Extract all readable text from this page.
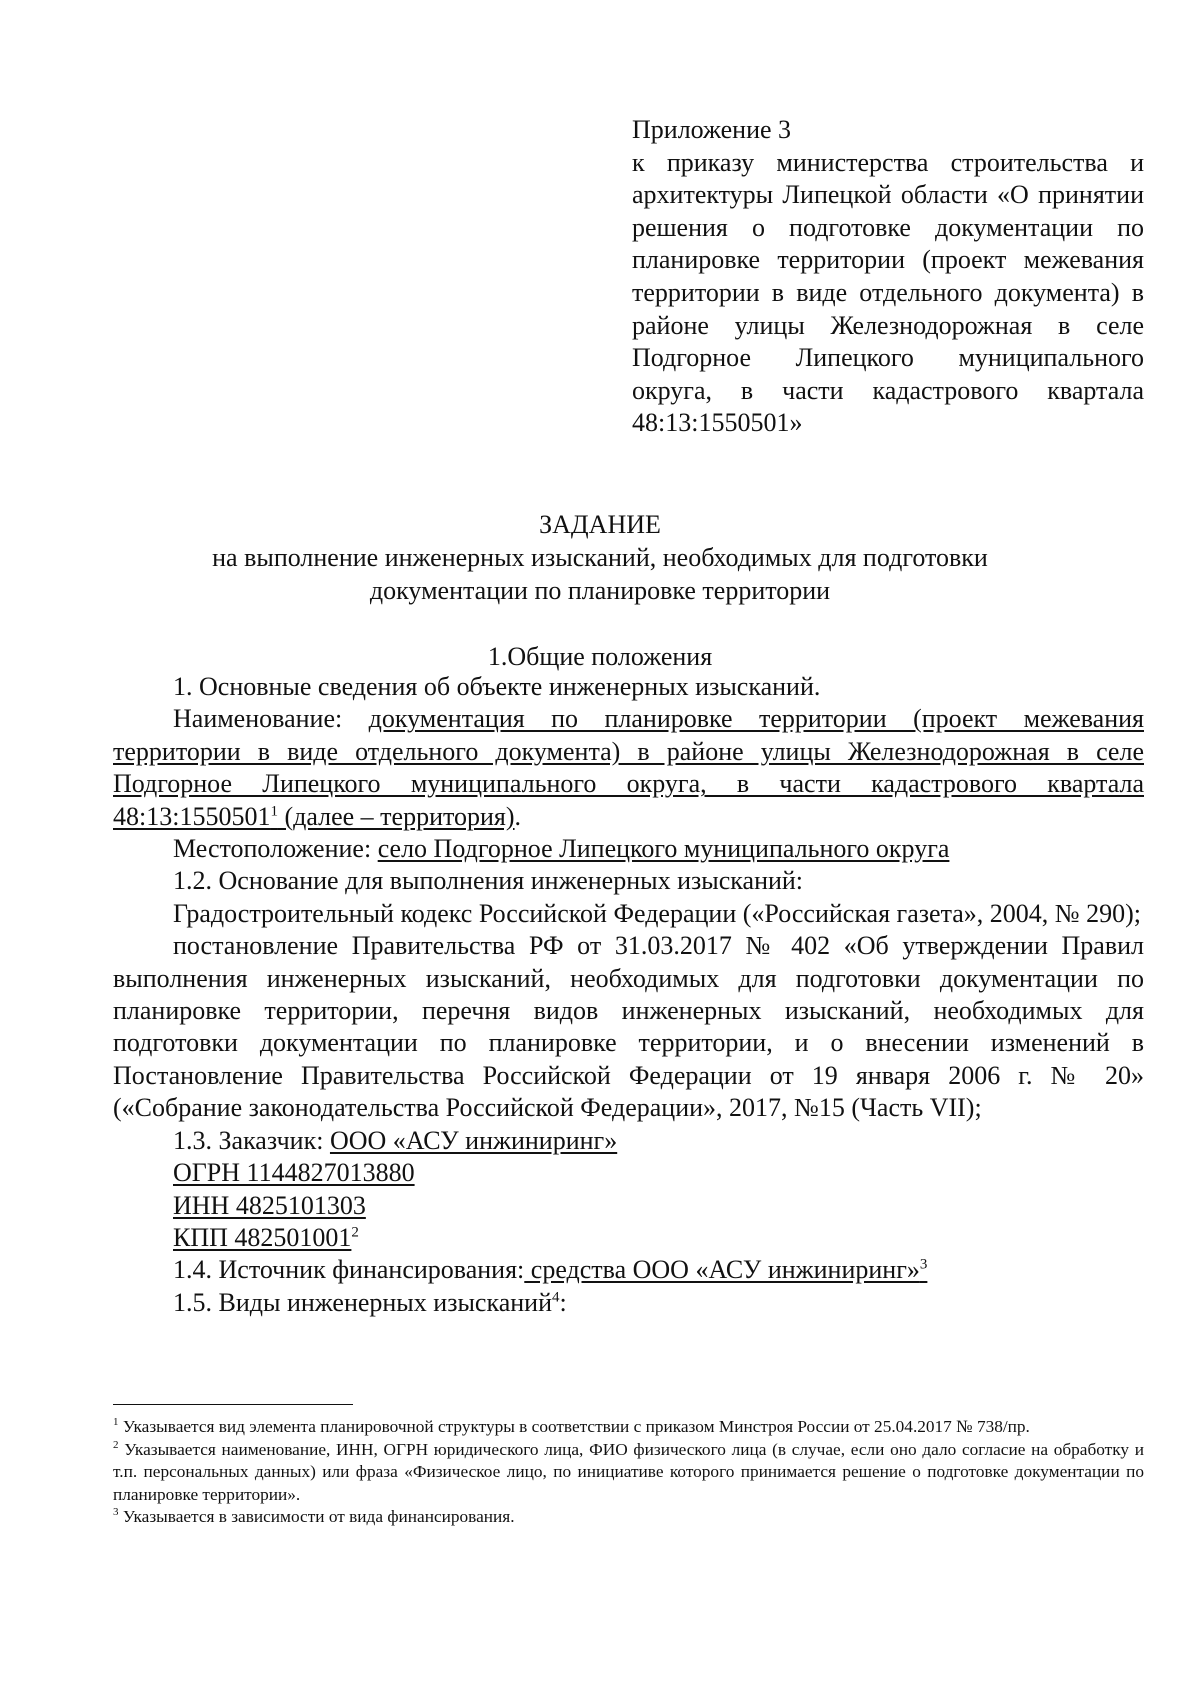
Приложение 3

к приказу министерства строительства и архитектуры Липецкой области «О принятии решения о подготовке документации по планировке территории (проект межевания территории в виде отдельного документа) в районе улицы Железнодорожная в селе Подгорное Липецкого муниципального округа, в части кадастрового квартала 48:13:1550501»

ЗАДАНИЕ

на выполнение инженерных изысканий, необходимых для подготовки

документации по планировке территории

1.Общие положения

1. Основные сведения об объекте инженерных изысканий.

Наименование: документация по планировке территории (проект межевания территории в виде отдельного документа) в районе улицы Железнодорожная в селе Подгорное Липецкого муниципального округа, в части кадастрового квартала 48:13:1550501$^1$ (далее – территория).

Местоположение: село Подгорное Липецкого муниципального округа

1.2. Основание для выполнения инженерных изысканий:

Градостроительный кодекс Российской Федерации («Российская газета», 2004, № 290);

постановление Правительства РФ от 31.03.2017 № 402 «Об утверждении Правил выполнения инженерных изысканий, необходимых для подготовки документации по планировке территории, перечня видов инженерных изысканий, необходимых для подготовки документации по планировке территории, и о внесении изменений в Постановление Правительства Российской Федерации от 19 января 2006 г. № 20» («Собрание законодательства Российской Федерации», 2017, №15 (Часть VII);

1.3. Заказчик: ООО «АСУ инжиниринг»

ОГРН 1144827013880

ИНН 4825101303

КПП 482501001$^2$

1.4. Источник финансирования: средства ООО «АСУ инжиниринг»$^3$

1.5. Виды инженерных изысканий$^4$:

$^1$ Указывается вид элемента планировочной структуры в соответствии с приказом Минстроя России от 25.04.2017 № 738/пр.

$^2$ Указывается наименование, ИНН, ОГРН юридического лица, ФИО физического лица (в случае, если оно дало согласие на обработку и т.п. персональных данных) или фраза «Физическое лицо, по инициативе которого принимается решение о подготовке документации по планировке территории».

$^3$ Указывается в зависимости от вида финансирования.
